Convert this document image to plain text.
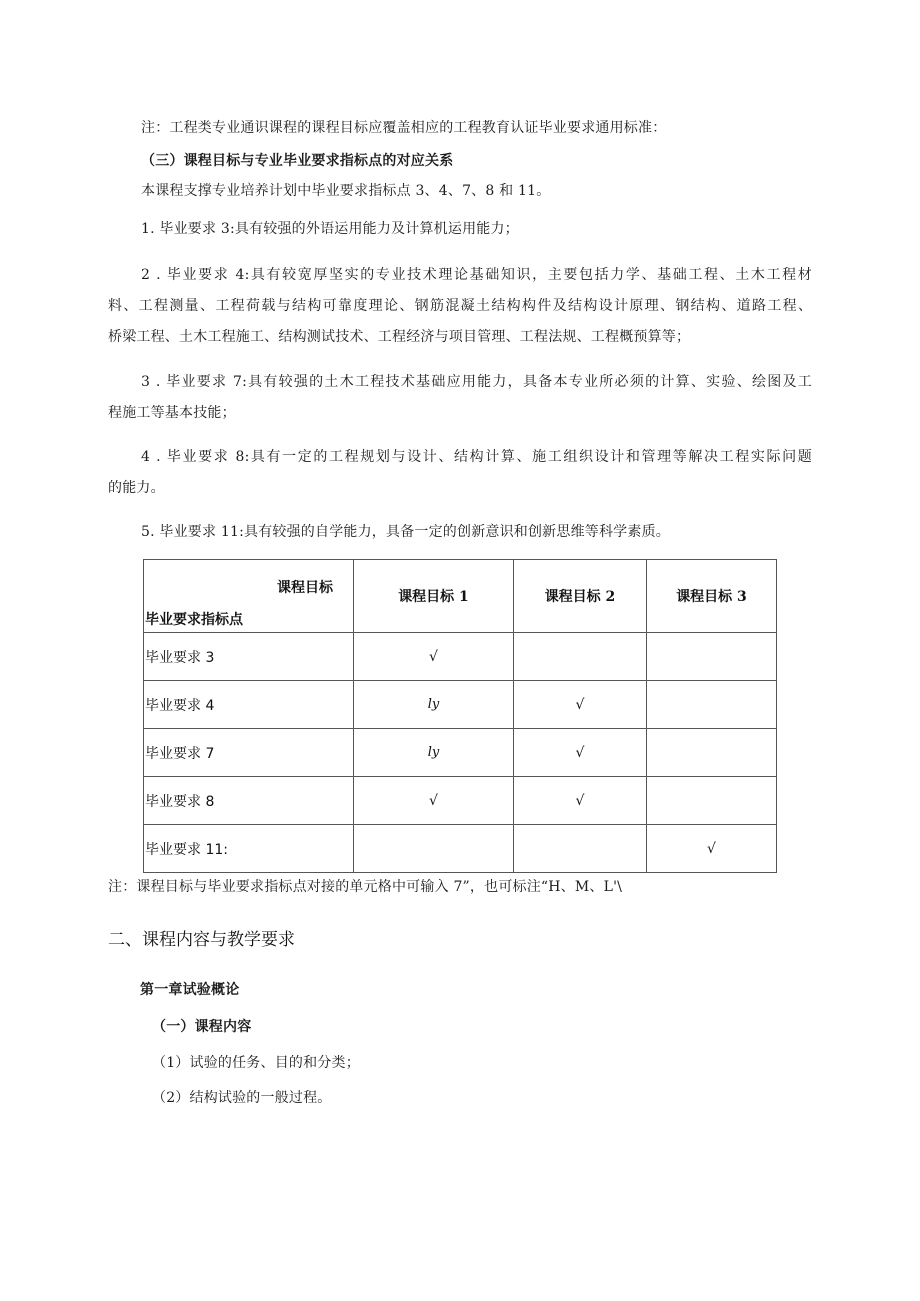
注：工程类专业通识课程的课程目标应覆盖相应的工程教育认证毕业要求通用标准：
（三）课程目标与专业毕业要求指标点的对应关系
本课程支撑专业培养计划中毕业要求指标点 3、4、7、8 和 11。
1. 毕业要求 3:具有较强的外语运用能力及计算机运用能力；
2 . 毕业要求 4:具有较宽厚坚实的专业技术理论基础知识，主要包括力学、基础工程、土木工程材
料、工程测量、工程荷载与结构可靠度理论、钢筋混凝土结构构件及结构设计原理、钢结构、道路工程、
桥梁工程、土木工程施工、结构测试技术、工程经济与项目管理、工程法规、工程概预算等；
3 . 毕业要求 7:具有较强的土木工程技术基础应用能力，具备本专业所必须的计算、实验、绘图及工
程施工等基本技能；
4 . 毕业要求 8:具有一定的工程规划与设计、结构计算、施工组织设计和管理等解决工程实际问题
的能力。
5. 毕业要求 11:具有较强的自学能力，具备一定的创新意识和创新思维等科学素质。
课程目标
毕业要求指标点	课程目标 1	课程目标 2	课程目标 3
毕业要求 3	√		
毕业要求 4	ly	√	
毕业要求 7	ly	√	
毕业要求 8	√	√	
毕业要求 11:			√
注：课程目标与毕业要求指标点对接的单元格中可输入 7”，也可标注“H、M、L'\
二、课程内容与教学要求
第一章试验概论
（一）课程内容
（1）试验的任务、目的和分类；
（2）结构试验的一般过程。
